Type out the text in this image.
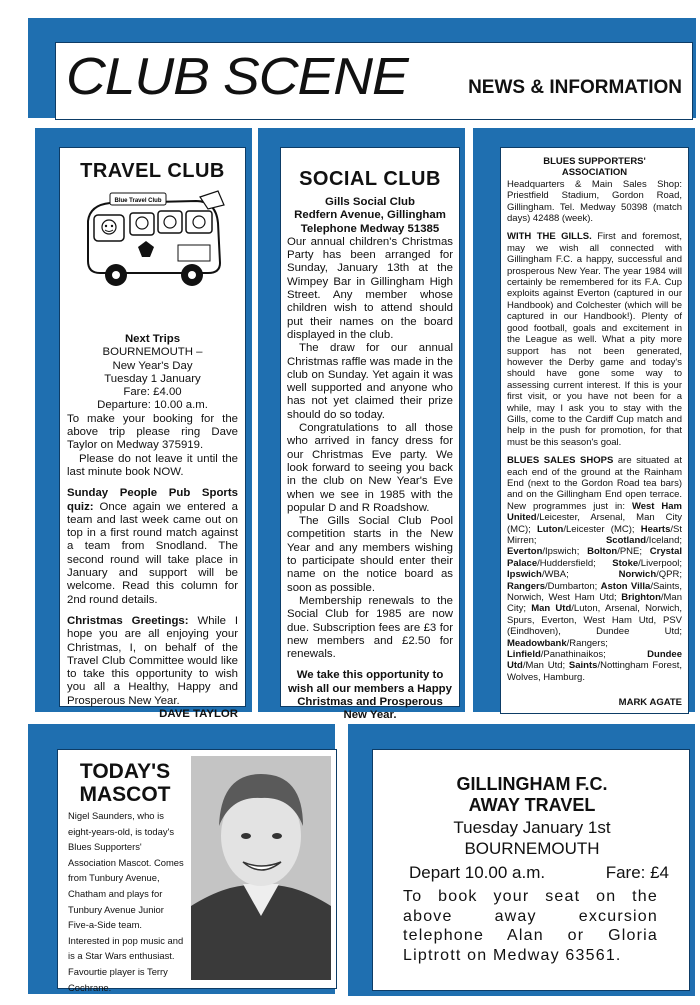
CLUB SCENE	NEWS & INFORMATION
TRAVEL CLUB
Blue Travel Club

Next Trips

BOURNEMOUTH –

New Year's Day

Tuesday 1 January

Fare: £4.00

Departure: 10.00 a.m.

To make your booking for the above trip please ring Dave Taylor on Medway 375919.

Please do not leave it until the last minute book NOW.

Sunday People Pub Sports quiz: Once again we entered a team and last week came out on top in a first round match against a team from Snodland. The second round will take place in January and support will be welcome. Read this column for 2nd round details.

Christmas Greetings: While I hope you are all enjoying your Christmas, I, on behalf of the Travel Club Committee would like to take this opportunity to wish you all a Healthy, Happy and Prosperous New Year.

DAVE TAYLOR

SOCIAL CLUB

Gills Social Club

Redfern Avenue, Gillingham

Telephone Medway 51385

Our annual children's Christmas Party has been arranged for Sunday, January 13th at the Wimpey Bar in Gillingham High Street. Any member whose children wish to attend should put their names on the board displayed in the club.

The draw for our annual Christmas raffle was made in the club on Sunday. Yet again it was well supported and anyone who has not yet claimed their prize should do so today.

Congratulations to all those who arrived in fancy dress for our Christmas Eve party. We look forward to seeing you back in the club on New Year's Eve when we see in 1985 with the popular D and R Roadshow.

The Gills Social Club Pool competition starts in the New Year and any members wishing to participate should enter their name on the notice board as soon as possible.

Membership renewals to the Social Club for 1985 are now due. Subscription fees are £3 for new members and £2.50 for renewals.

We take this opportunity to wish all our members a Happy Christmas and Prosperous New Year.

BLUES SUPPORTERS'

ASSOCIATION

Headquarters & Main Sales Shop: Priestfield Stadium, Gordon Road, Gillingham. Tel. Medway 50398 (match days) 42488 (week).

WITH THE GILLS. First and foremost, may we wish all connected with Gillingham F.C. a happy, successful and prosperous New Year. The year 1984 will certainly be remembered for its F.A. Cup exploits against Everton (captured in our Handbook) and Colchester (which will be captured in our Handbook!). Plenty of good football, goals and excitement in the League as well. What a pity more support has not been generated, however the Derby game and today's should have gone some way to assessing current interest. If this is your first visit, or you have not been for a while, may I ask you to stay with the Gills, come to the Cardiff Cup match and help in the push for promotion, for that must be this season's goal.

BLUES SALES SHOPS are situated at each end of the ground at the Rainham End (next to the Gordon Road tea bars) and on the Gillingham End open terrace. New programmes just in: West Ham United/Leicester, Arsenal, Man City (MC); Luton/Leicester (MC); Hearts/St Mirren; Scotland/Iceland; Everton/Ipswich; Bolton/PNE; Crystal Palace/Huddersfield; Stoke/Liverpool; Ipswich/WBA; Norwich/QPR; Rangers/Dumbarton; Aston Villa/Saints, Norwich, West Ham Utd; Brighton/Man City; Man Utd/Luton, Arsenal, Norwich, Spurs, Everton, West Ham Utd, PSV (Eindhoven), Dundee Utd; Meadowbank/Rangers; Linfield/Panathinaikos; Dundee Utd/Man Utd; Saints/Nottingham Forest, Wolves, Hamburg.

MARK AGATE

TODAY'S
MASCOT

Nigel Saunders, who is eight-years-old, is today's Blues Supporters' Association Mascot. Comes from Tunbury Avenue, Chatham and plays for Tunbury Avenue Junior Five-a-Side team. Interested in pop music and is a Star Wars enthusiast. Favourtie player is Terry Cochrane.

GILLINGHAM F.C.
AWAY TRAVEL
Tuesday January 1st
BOURNEMOUTH
Depart 10.00 a.m.	Fare: £4

To book your seat on the above away excursion telephone Alan or Gloria Liptrott on Medway 63561.
